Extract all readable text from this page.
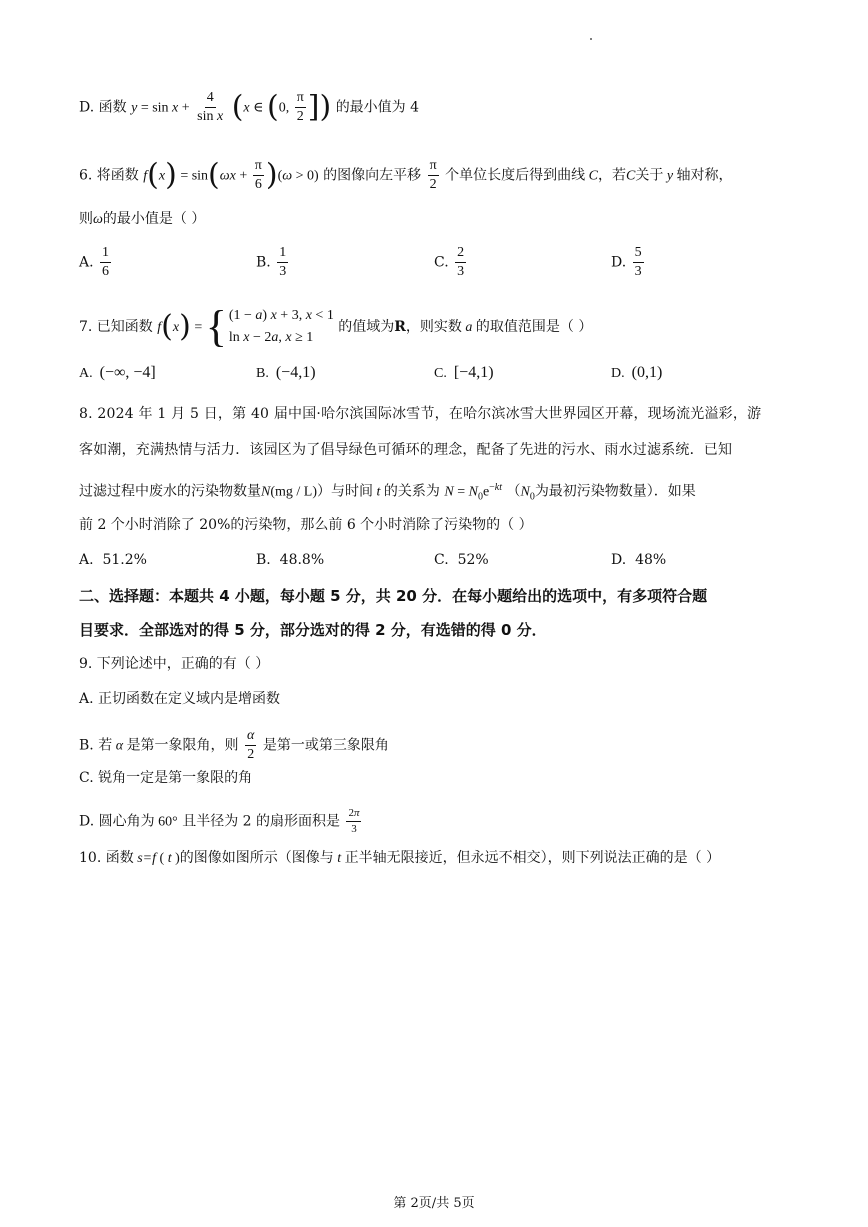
D. 函数 $y = \sin x + \frac{4}{\text{sin x}} (x$ ∈ (0, $\frac{\pi}{2}$ ]) 的最小值为 4
6. 将函数 $f(x) = \sin(\omega x + \frac{\pi}{6} )(\omega > 0)$ 的图像向左平移 $\frac{\pi}{2}$ 个单位长度后得到曲线 C，若C关于 y 轴对称，
则ω的最小值是（ ）
A. $\frac{1}{6}$	B. $\frac{1}{3}$	C. $\frac{2}{3}$	D. $\frac{5}{3}$
7. 已知函数 f(x) = { (1 − a) x + 3, x < 1
ln x − 2a, x ≥ 1
的值域为R，则实数 a 的取值范围是（ ）
A. (−∞, −4]	B. (−4,1)	C. [−4,1)	D. (0,1)
8. 2024 年 1 月 5 日，第 40 届中国·哈尔滨国际冰雪节，在哈尔滨冰雪大世界园区开幕，现场流光溢彩，游
客如潮，充满热情与活力．该园区为了倡导绿色可循环的理念，配备了先进的污水、雨水过滤系统．已知
过滤过程中废水的污染物数量N(mg / L)）与时间 t 的关系为 $N = N_0e^{-kt}$ （$N_0$为最初污染物数量）．如果
前 2 个小时消除了 20%的污染物，那么前 6 个小时消除了污染物的（ ）
A. 51.2%	B. 48.8%	C. 52%	D. 48%
二、选择题：本题共 4 小题，每小题 5 分，共 20 分．在每小题给出的选项中，有多项符合题
目要求．全部选对的得 5 分，部分选对的得 2 分，有选错的得 0 分．
9. 下列论述中，正确的有（ ）
A. 正切函数在定义域内是增函数
B. 若 α 是第一象限角，则 $\frac{\alpha}{2}$ 是第一或第三象限角
C. 锐角一定是第一象限的角
D. 圆心角为 60° 且半径为 2 的扇形面积是 $\frac{2\pi}{3}$
10. 函数 s=f ( t )的图像如图所示（图像与 t 正半轴无限接近，但永远不相交），则下列说法正确的是（ ）
第 2页/共 5页
